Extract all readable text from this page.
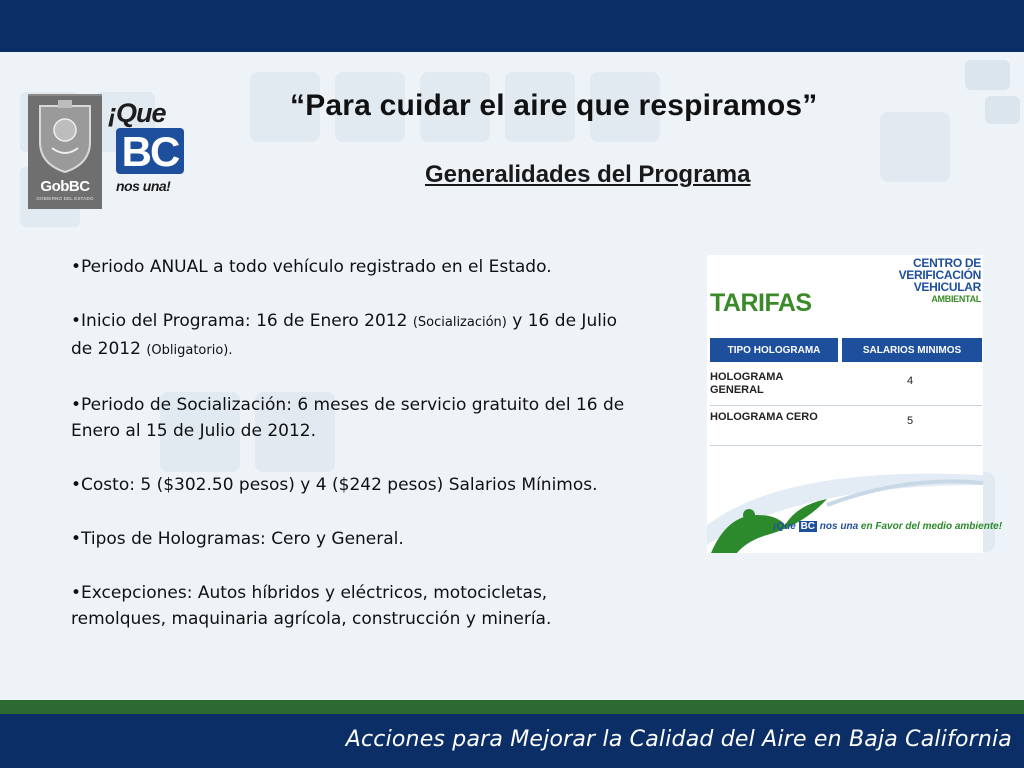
GobBC
GOBIERNO DEL ESTADO
¡Que
BC
nos una!
“Para cuidar el aire que respiramos”
Generalidades del Programa
•Periodo ANUAL a todo vehículo registrado en el Estado.
•Inicio del Programa: 16 de Enero 2012 (Socialización) y 16 de Julio de 2012 (Obligatorio).
•Periodo de Socialización: 6 meses de servicio gratuito del 16 de Enero al 15 de Julio de 2012.
•Costo: 5 ($302.50 pesos) y 4 ($242 pesos) Salarios Mínimos.
•Tipos de Hologramas: Cero y General.
•Excepciones: Autos híbridos y eléctricos, motocicletas, remolques, maquinaria agrícola, construcción y minería.
CENTRO DE
VERIFICACIÓN
VEHICULAR
AMBIENTAL
TARIFAS
TIPO HOLOGRAMA	SALARIOS MINIMOS
HOLOGRAMA GENERAL
4
HOLOGRAMA CERO	5
¡Que BC nos una en Favor del medio ambiente!
Acciones para Mejorar la Calidad del Aire en Baja California
